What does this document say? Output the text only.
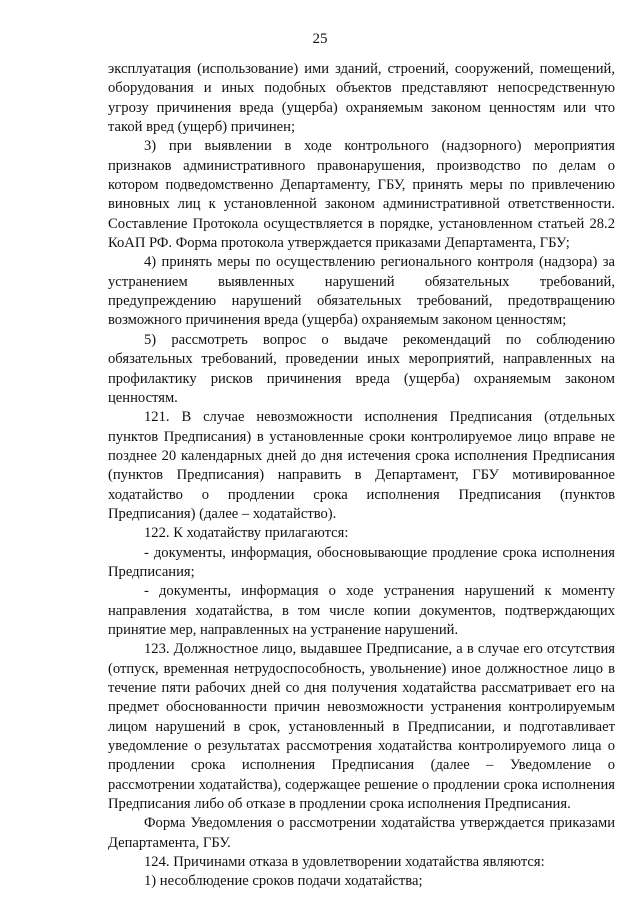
25

эксплуатация (использование) ими зданий, строений, сооружений, помещений, оборудования и иных подобных объектов представляют непосредственную угрозу причинения вреда (ущерба) охраняемым законом ценностям или что такой вред (ущерб) причинен;

3) при выявлении в ходе контрольного (надзорного) мероприятия признаков административного правонарушения, производство по делам о котором подведомственно Департаменту, ГБУ, принять меры по привлечению виновных лиц к установленной законом административной ответственности. Составление Протокола осуществляется в порядке, установленном статьей 28.2 КоАП РФ. Форма протокола утверждается приказами Департамента, ГБУ;

4) принять меры по осуществлению регионального контроля (надзора) за устранением выявленных нарушений обязательных требований, предупреждению нарушений обязательных требований, предотвращению возможного причинения вреда (ущерба) охраняемым законом ценностям;

5) рассмотреть вопрос о выдаче рекомендаций по соблюдению обязательных требований, проведении иных мероприятий, направленных на профилактику рисков причинения вреда (ущерба) охраняемым законом ценностям.

121. В случае невозможности исполнения Предписания (отдельных пунктов Предписания) в установленные сроки контролируемое лицо вправе не позднее 20 календарных дней до дня истечения срока исполнения Предписания (пунктов Предписания) направить в Департамент, ГБУ мотивированное ходатайство о продлении срока исполнения Предписания (пунктов Предписания) (далее – ходатайство).

122. К ходатайству прилагаются:

- документы, информация, обосновывающие продление срока исполнения Предписания;

- документы, информация о ходе устранения нарушений к моменту направления ходатайства, в том числе копии документов, подтверждающих принятие мер, направленных на устранение нарушений.

123. Должностное лицо, выдавшее Предписание, а в случае его отсутствия (отпуск, временная нетрудоспособность, увольнение) иное должностное лицо в течение пяти рабочих дней со дня получения ходатайства рассматривает его на предмет обоснованности причин невозможности устранения контролируемым лицом нарушений в срок, установленный в Предписании, и подготавливает уведомление о результатах рассмотрения ходатайства контролируемого лица о продлении срока исполнения Предписания (далее – Уведомление о рассмотрении ходатайства), содержащее решение о продлении срока исполнения Предписания либо об отказе в продлении срока исполнения Предписания.

Форма Уведомления о рассмотрении ходатайства утверждается приказами Департамента, ГБУ.

124. Причинами отказа в удовлетворении ходатайства являются:

1) несоблюдение сроков подачи ходатайства;
